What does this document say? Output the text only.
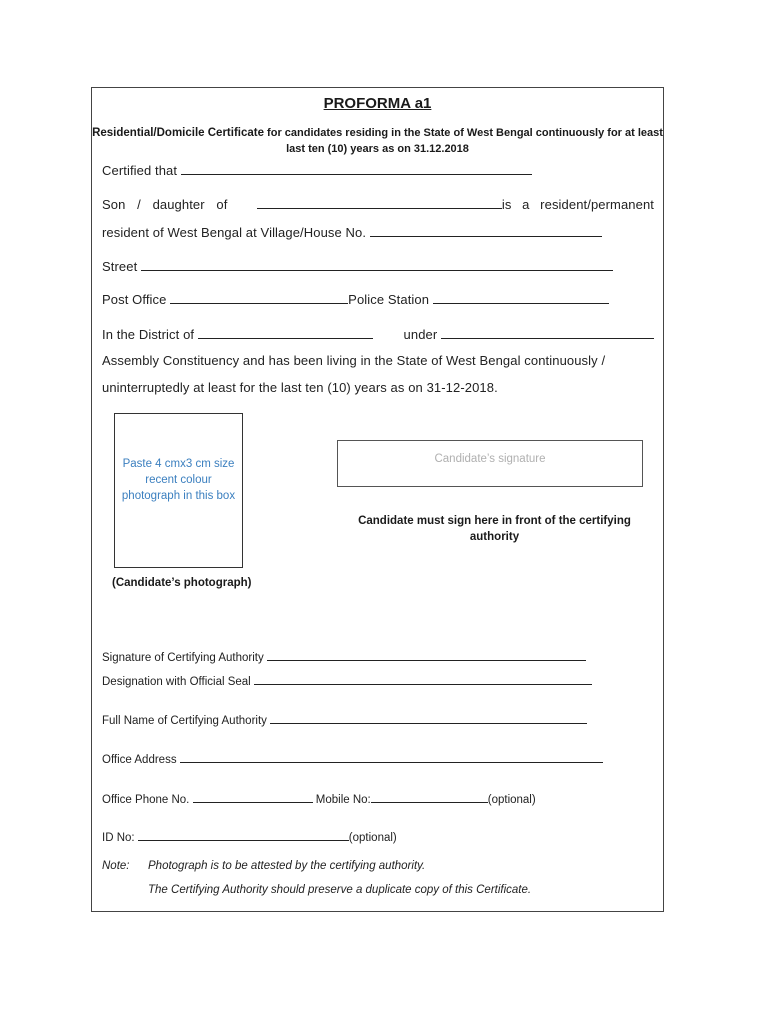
PROFORMA a1
Residential/Domicile Certificate for candidates residing in the State of West Bengal continuously for at least last ten (10) years as on 31.12.2018
Certified that
Son / daughter of	is a resident/permanent
resident of West Bengal at Village/House No.
Street
Post Office	Police Station
In the District of	under
Assembly Constituency and has been living in the State of West Bengal continuously /
uninterruptedly at least for the last ten (10) years as on 31-12-2018.
Paste 4 cmx3 cm size recent colour photograph in this box
(Candidate’s photograph)
Candidate’s signature
Candidate must sign here in front of the certifying authority
Signature of Certifying Authority
Designation with Official Seal
Full Name of Certifying Authority
Office Address
Office Phone No.	Mobile No:	(optional)
ID No:	(optional)
Note: Photograph is to be attested by the certifying authority.
The Certifying Authority should preserve a duplicate copy of this Certificate.
